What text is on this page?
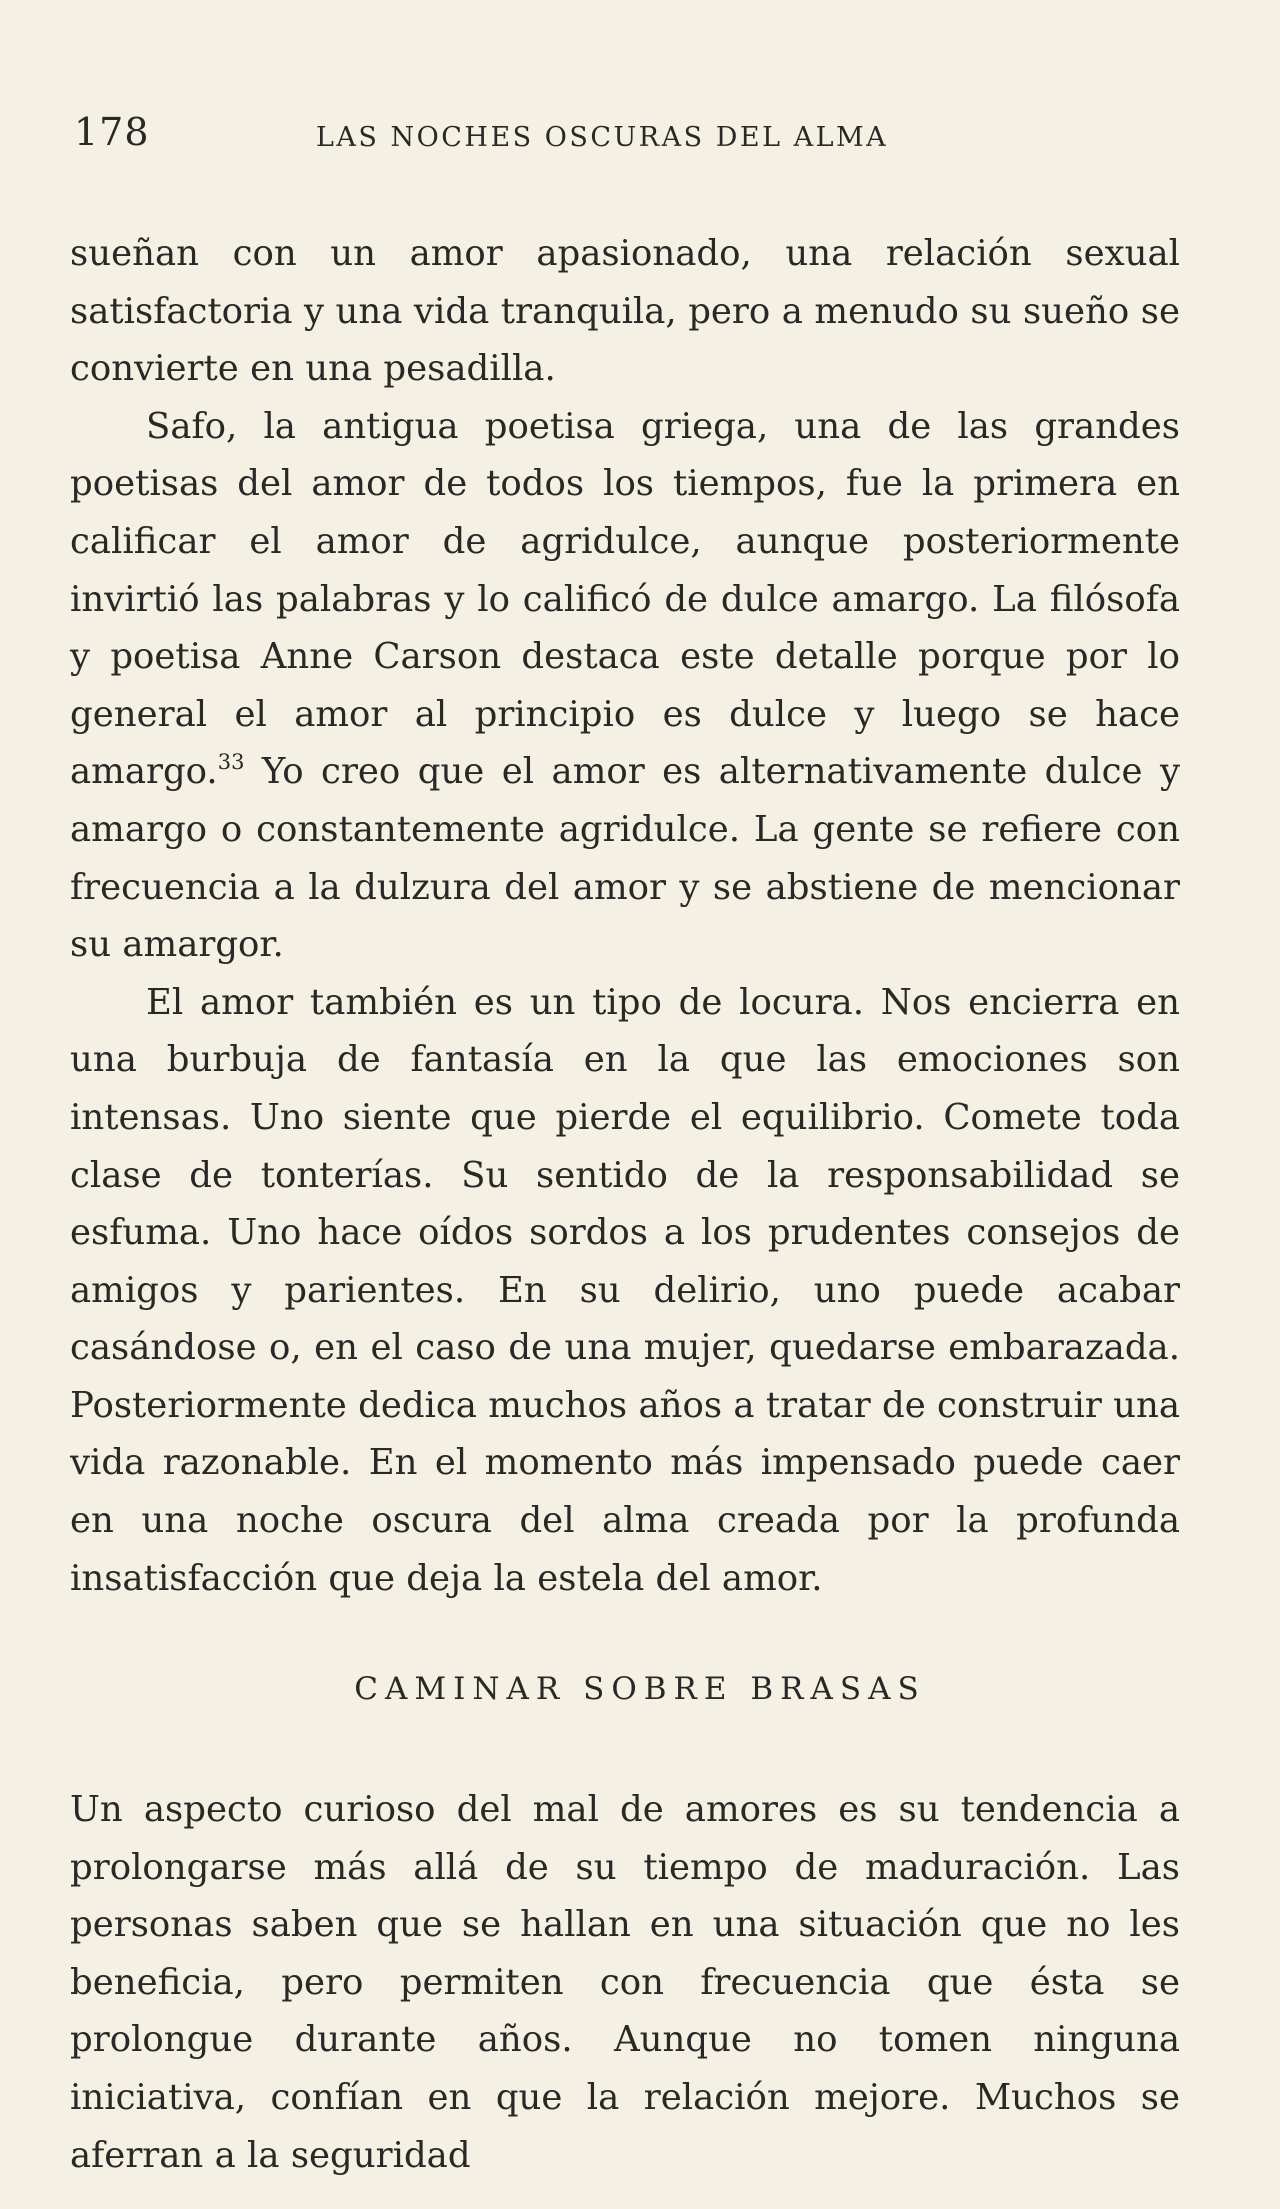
178	LAS NOCHES OSCURAS DEL ALMA

sueñan con un amor apasionado, una relación sexual satisfactoria y una vida tranquila, pero a menudo su sueño se convierte en una pesadilla.

Safo, la antigua poetisa griega, una de las grandes poetisas del amor de todos los tiempos, fue la primera en calificar el amor de agridulce, aunque posteriormente invirtió las palabras y lo calificó de dulce amargo. La filósofa y poetisa Anne Carson destaca este detalle porque por lo general el amor al principio es dulce y luego se hace amargo.$^{33}$ Yo creo que el amor es alternativamente dulce y amargo o constantemente agridulce. La gente se refiere con frecuencia a la dulzura del amor y se abstiene de mencionar su amargor.

El amor también es un tipo de locura. Nos encierra en una burbuja de fantasía en la que las emociones son intensas. Uno siente que pierde el equilibrio. Comete toda clase de tonterías. Su sentido de la responsabilidad se esfuma. Uno hace oídos sordos a los prudentes consejos de amigos y parientes. En su delirio, uno puede acabar casándose o, en el caso de una mujer, quedarse embarazada. Posteriormente dedica muchos años a tratar de construir una vida razonable. En el momento más impensado puede caer en una noche oscura del alma creada por la profunda insatisfacción que deja la estela del amor.

CAMINAR SOBRE BRASAS

Un aspecto curioso del mal de amores es su tendencia a prolongarse más allá de su tiempo de maduración. Las personas saben que se hallan en una situación que no les beneficia, pero permiten con frecuencia que ésta se prolongue durante años. Aunque no tomen ninguna iniciativa, confían en que la relación mejore. Muchos se aferran a la seguridad
